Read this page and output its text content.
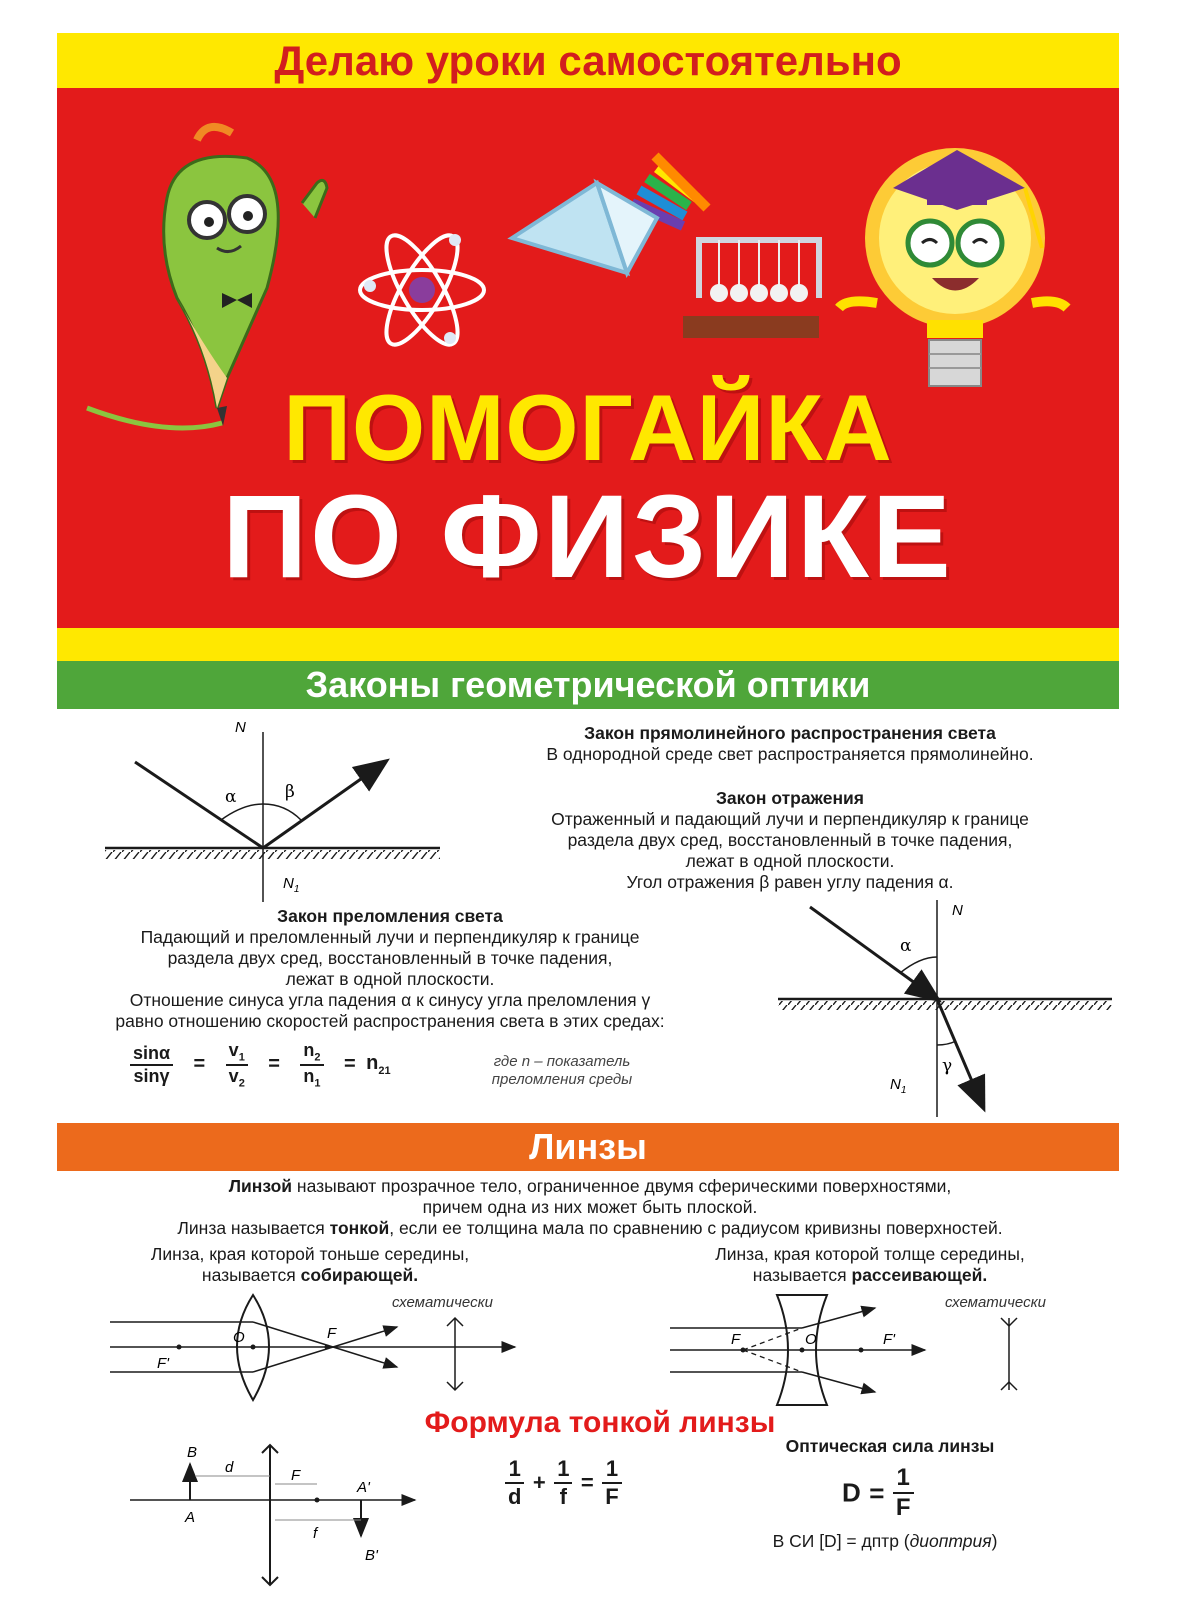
Делаю уроки самостоятельно
ПОМОГАЙКА
ПО ФИЗИКЕ
Законы геометрической оптики
N
α	β
$N_1$
Закон прямолинейного распространения света
В однородной среде свет распространяется прямолинейно.
Закон отражения
Отраженный и падающий лучи и перпендикуляр к границе
раздела двух сред, восстановленный в точке падения,
лежат в одной плоскости.
Угол отражения β равен углу падения α.
Закон преломления света
Падающий и преломленный лучи и перпендикуляр к границе
раздела двух сред, восстановленный в точке падения,
лежат в одной плоскости.
Отношение синуса угла падения α к синусу угла преломления γ
равно отношению скоростей распространения света в этих средах:
$\frac{\sin\alpha}{\sin\gamma} = \frac{v_1}{v_2} = \frac{n_2}{n_1} = n_{21}$
где n – показатель
преломления среды
N
α
γ
$N_1$
Линзы
Линзой называют прозрачное тело, ограниченное двумя сферическими поверхностями,
причем одна из них может быть плоской.
Линза называется тонкой, если ее толщина мала по сравнению с радиусом кривизны поверхностей.
Линза, края которой тоньше середины,
называется собирающей.
Линза, края которой толще середины,
называется рассеивающей.
O	F
F'
схематически
O
F	F'
схематически
Формула тонкой линзы
B
A
d	F
f
A'
B'
$\frac{1}{d} + \frac{1}{f} = \frac{1}{F}$
Оптическая сила линзы
$D = \frac{1}{F}$
В СИ [D] = дптр (диоптрия)
